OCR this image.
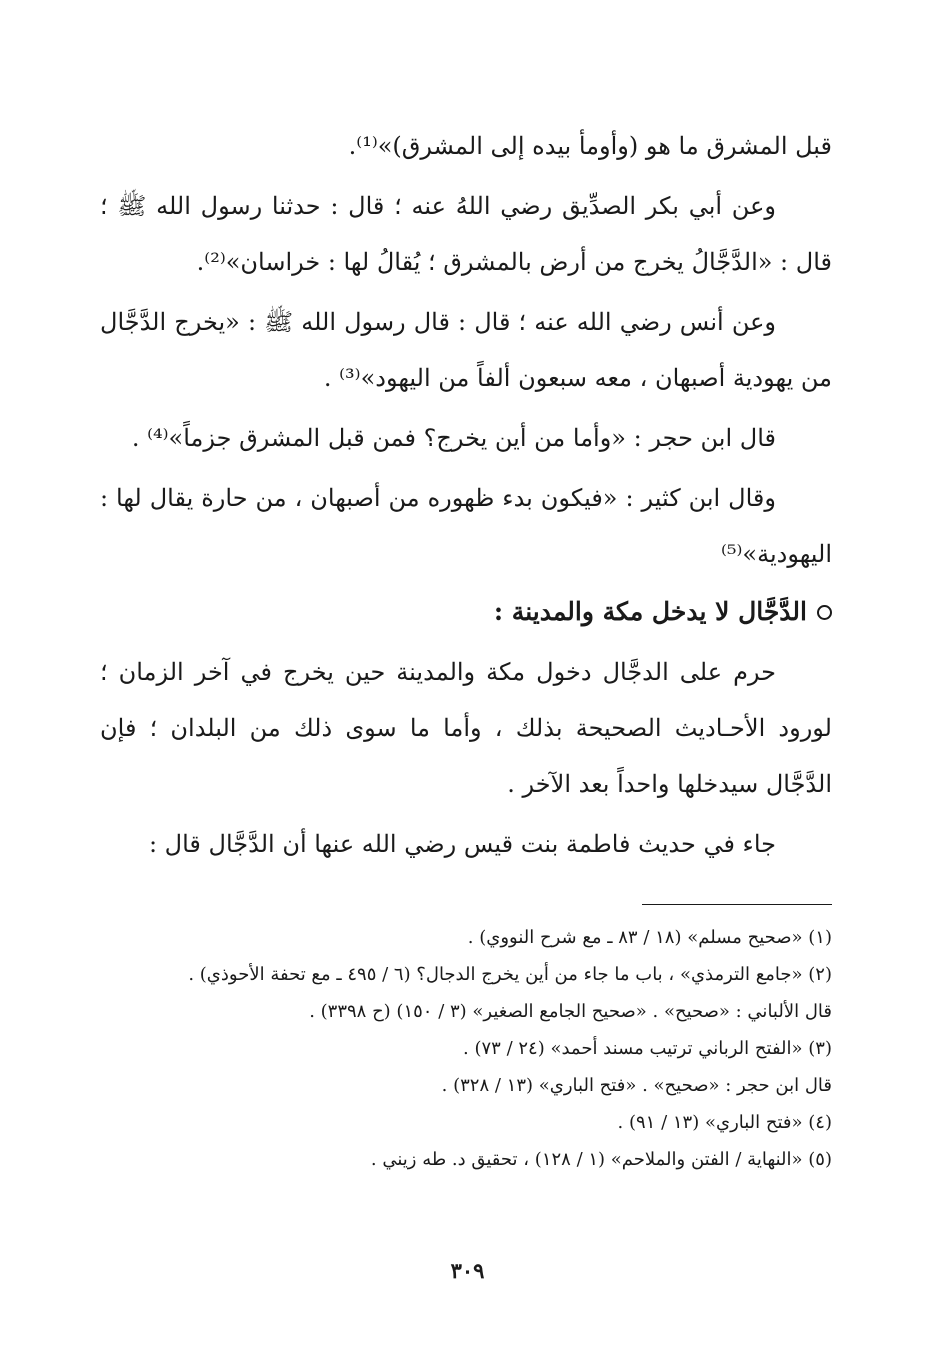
قبل المشرق ما هو (وأومأ بيده إلى المشرق)»⁽¹⁾.

وعن أبي بكر الصدِّيق رضي اللهُ عنه ؛ قال : حدثنا رسول الله ﷺ ؛ قال : «الدَّجَّالُ يخرج من أرض بالمشرق ؛ يُقالُ لها : خراسان»⁽²⁾.

وعن أنس رضي الله عنه ؛ قال : قال رسول الله ﷺ : «يخرج الدَّجَّال من يهودية أصبهان ، معه سبعون ألفاً من اليهود»⁽³⁾ .

قال ابن حجر : «وأما من أين يخرج؟ فمن قبل المشرق جزماً»⁽⁴⁾ .

وقال ابن كثير : «فيكون بدء ظهوره من أصبهان ، من حارة يقال لها : اليهودية»⁽⁵⁾

الدَّجَّال لا يدخل مكة والمدينة :

حرم على الدجَّال دخول مكة والمدينة حين يخرج في آخر الزمان ؛ لورود الأحـاديث الصحيحة بذلك ، وأما ما سوى ذلك من البلدان ؛ فإن الدَّجَّال سيدخلها واحداً بعد الآخر .

جاء في حديث فاطمة بنت قيس رضي الله عنها أن الدَّجَّال قال :

(١) «صحيح مسلم» (١٨ / ٨٣ ـ مع شرح النووي) .

(٢) «جامع الترمذي» ، باب ما جاء من أين يخرج الدجال؟ (٦ / ٤٩٥ ـ مع تحفة الأحوذي) .

قال الألباني : «صحيح» . «صحيح الجامع الصغير» (٣ / ١٥٠) (ح ٣٣٩٨) .

(٣) «الفتح الرباني ترتيب مسند أحمد» (٢٤ / ٧٣) .

قال ابن حجر : «صحيح» . «فتح الباري» (١٣ / ٣٢٨) .

(٤) «فتح الباري» (١٣ / ٩١) .

(٥) «النهاية / الفتن والملاحم» (١ / ١٢٨) ، تحقيق د. طه زيني .

٣٠٩
